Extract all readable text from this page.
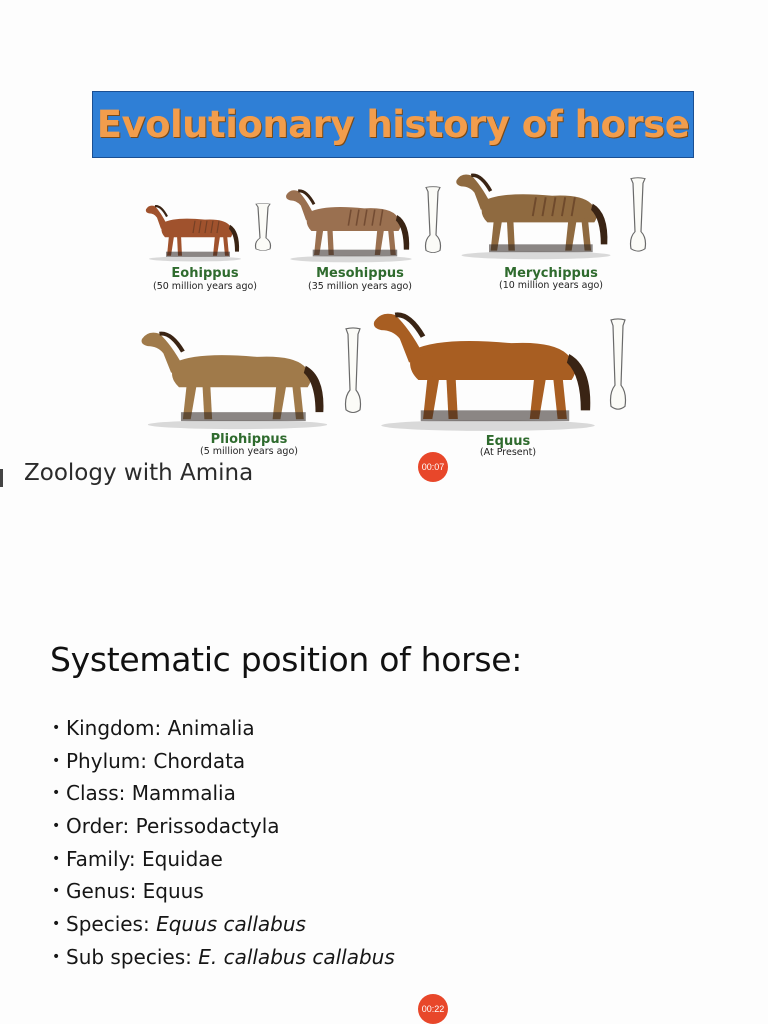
Evolutionary history of horse
Eohippus
(50 million years ago)
Mesohippus
(35 million years ago)
Merychippus
(10 million years ago)
Pliohippus
(5 million years ago)
Equus
(At Present)
00:07
Zoology with Amina
Systematic position of horse:
• Kingdom: Animalia
• Phylum: Chordata
• Class: Mammalia
• Order: Perissodactyla
• Family: Equidae
• Genus: Equus
• Species: Equus callabus
• Sub species: E. callabus callabus
00:22
